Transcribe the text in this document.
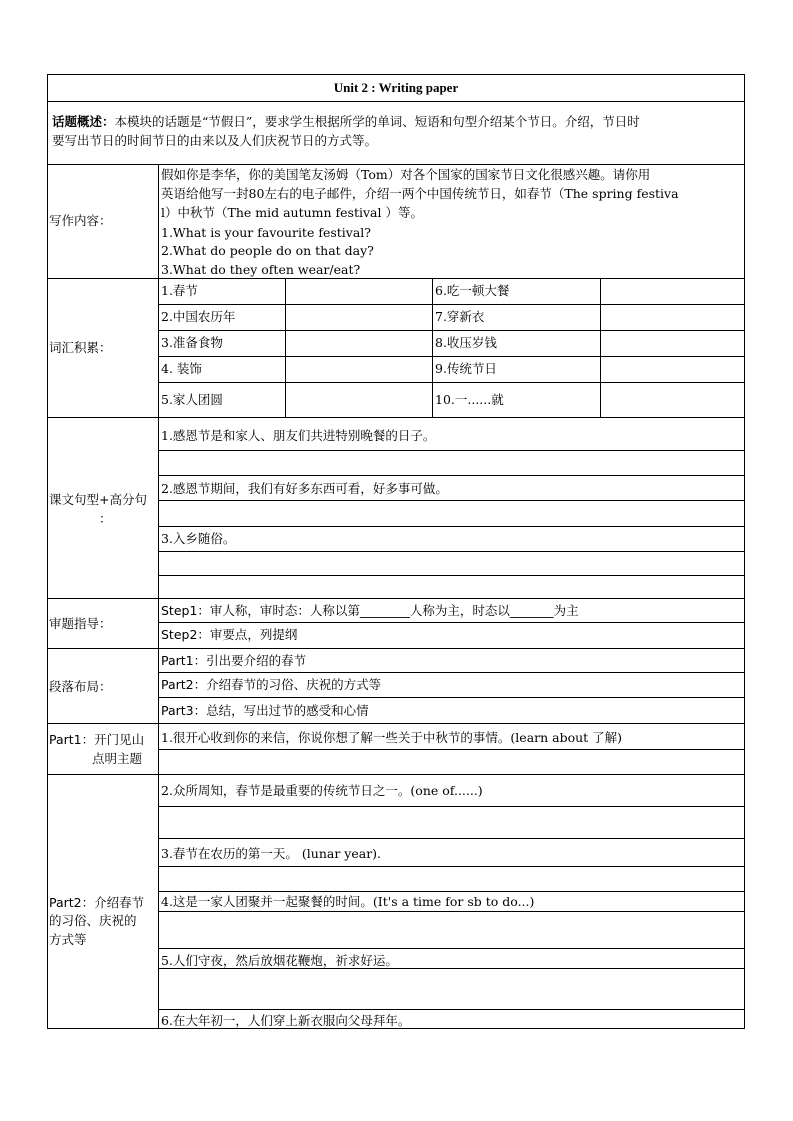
Unit 2 : Writing paper
话题概述：本模块的话题是“节假日”，要求学生根据所学的单词、短语和句型介绍某个节日。介绍，节日时
要写出节日的时间节日的由来以及人们庆祝节日的方式等。
写作内容：
假如你是李华，你的美国笔友汤姆（Tom）对各个国家的国家节日文化很感兴趣。请你用
英语给他写一封80左右的电子邮件，介绍一两个中国传统节日，如春节（The spring festiva
l）中秋节（The mid autumn festival ）等。
1.What is your favourite festival?
2.What do people do on that day?
3.What do they often wear/eat?
词汇积累：
1.春节
2.中国农历年
3.准备食物
4. 装饰
5.家人团圆
6.吃一顿大餐
7.穿新衣
8.收压岁钱
9.传统节日
10.一......就
课文句型+高分句
：
1.感恩节是和家人、朋友们共进特别晚餐的日子。
2.感恩节期间，我们有好多东西可看，好多事可做。
3.入乡随俗。
审题指导：
Step1：审人称，审时态：人称以第________人称为主，时态以_______为主
Step2：审要点，列提纲
段落布局：
Part1：引出要介绍的春节
Part2：介绍春节的习俗、庆祝的方式等
Part3：总结，写出过节的感受和心情
Part1：开门见山
点明主题
1.很开心收到你的来信，你说你想了解一些关于中秋节的事情。(learn about 了解)
Part2：介绍春节
的习俗、庆祝的
方式等
2.众所周知，春节是最重要的传统节日之一。(one of......)
3.春节在农历的第一天。 (lunar year).
4.这是一家人团聚并一起聚餐的时间。(It's a time for sb to do...)
5.人们守夜，然后放烟花鞭炮，祈求好运。
6.在大年初一，人们穿上新衣服向父母拜年。
